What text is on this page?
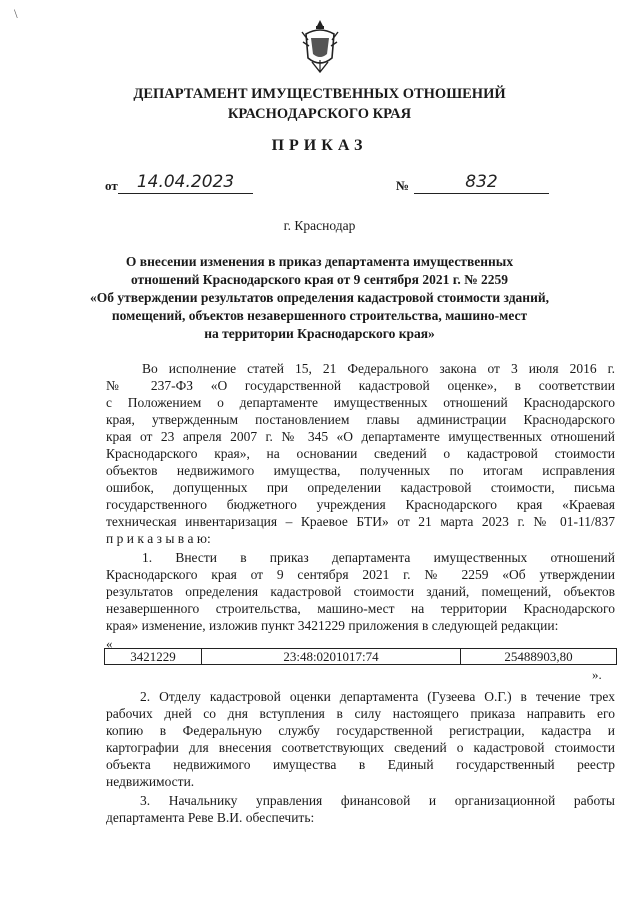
\
ДЕПАРТАМЕНТ ИМУЩЕСТВЕННЫХ ОТНОШЕНИЙ
КРАСНОДАРСКОГО КРАЯ
ПРИКАЗ
от	14.04.2023	№	832
г. Краснодар
О внесении изменения в приказ департамента имущественных
отношений Краснодарского края от 9 сентября 2021 г. № 2259
«Об утверждении результатов определения кадастровой стоимости зданий,
помещений, объектов незавершенного строительства, машино-мест
на территории Краснодарского края»
Во исполнение статей 15, 21 Федерального закона от 3 июля 2016 г.
№ 237-ФЗ «О государственной кадастровой оценке», в соответствии
с Положением о департаменте имущественных отношений Краснодарского
края, утвержденным постановлением главы администрации Краснодарского
края от 23 апреля 2007 г. № 345 «О департаменте имущественных отношений
Краснодарского края», на основании сведений о кадастровой стоимости
объектов недвижимого имущества, полученных по итогам исправления
ошибок, допущенных при определении кадастровой стоимости, письма
государственного бюджетного учреждения Краснодарского края «Краевая
техническая инвентаризация – Краевое БТИ» от 21 марта 2023 г. № 01-11/837
п р и к а з ы в а ю:
1. Внести в приказ департамента имущественных отношений
Краснодарского края от 9 сентября 2021 г. № 2259 «Об утверждении
результатов определения кадастровой стоимости зданий, помещений, объектов
незавершенного строительства, машино-мест на территории Краснодарского
края» изменение, изложив пункт 3421229 приложения в следующей редакции:
«
3421229	23:48:0201017:74	25488903,80
».
2. Отделу кадастровой оценки департамента (Гузеева О.Г.) в течение трех
рабочих дней со дня вступления в силу настоящего приказа направить его
копию в Федеральную службу государственной регистрации, кадастра и
картографии для внесения соответствующих сведений о кадастровой стоимости
объекта недвижимого имущества в Единый государственный реестр
недвижимости.
3. Начальнику управления финансовой и организационной работы
департамента Реве В.И. обеспечить:
